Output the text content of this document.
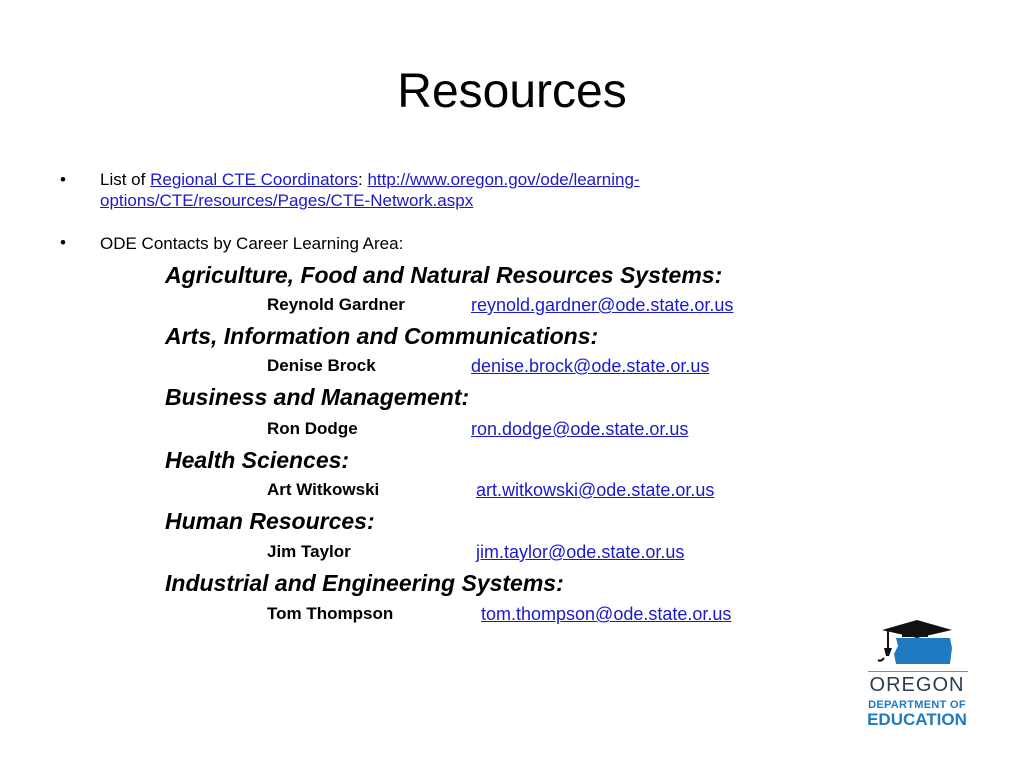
Resources
• List of Regional CTE Coordinators: http://www.oregon.gov/ode/learning-
options/CTE/resources/Pages/CTE-Network.aspx
• ODE Contacts by Career Learning Area:
Agriculture, Food and Natural Resources Systems:
Reynold Gardner	reynold.gardner@ode.state.or.us
Arts, Information and Communications:
Denise Brock	denise.brock@ode.state.or.us
Business and Management:
Ron Dodge	ron.dodge@ode.state.or.us
Health Sciences:
Art Witkowski	art.witkowski@ode.state.or.us
Human Resources:
Jim Taylor	jim.taylor@ode.state.or.us
Industrial and Engineering Systems:
Tom Thompson	tom.thompson@ode.state.or.us
OREGON
DEPARTMENT OF
EDUCATION
